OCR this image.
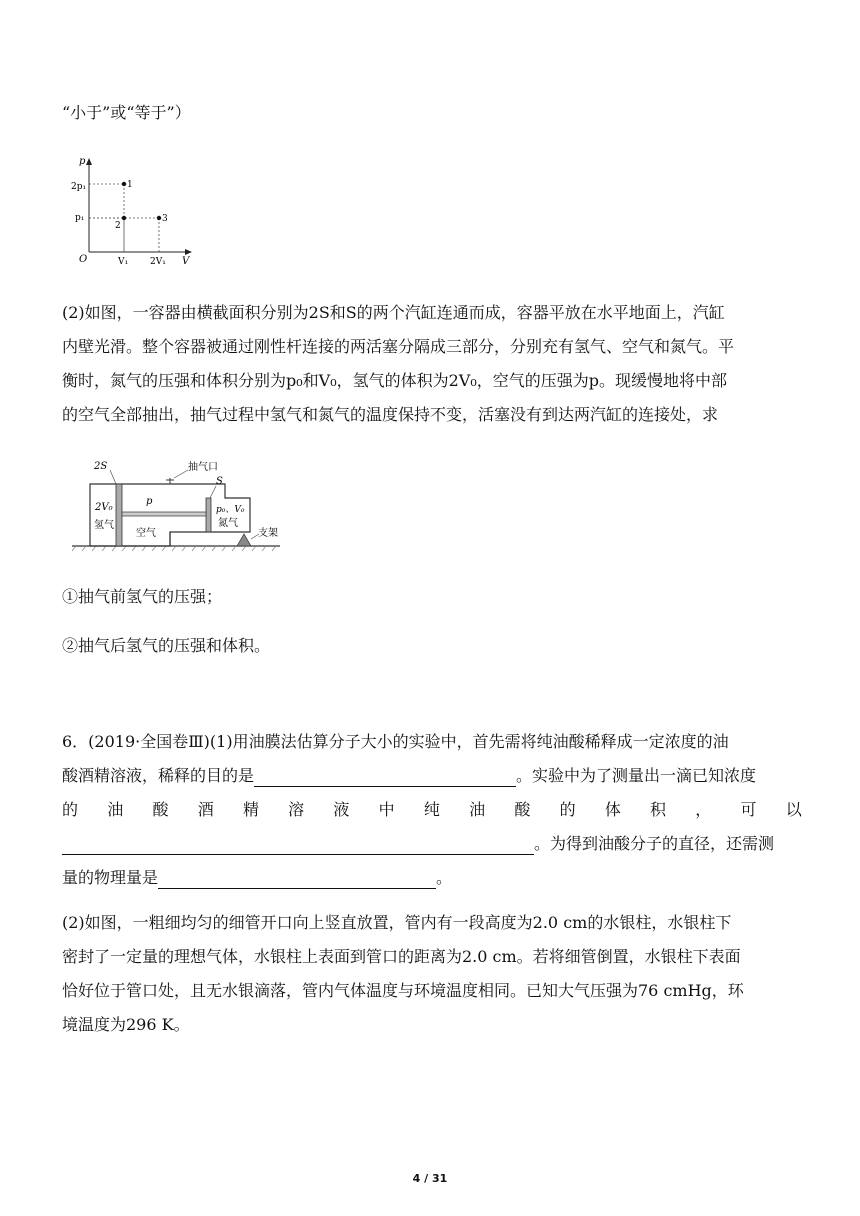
“小于”或“等于”）
1
2
3
p
V
O
2p₁
p₁
V₁ 2V₁
(2)如图，一容器由横截面积分别为2S和S的两个汽缸连通而成，容器平放在水平地面上，汽缸
内壁光滑。整个容器被通过刚性杆连接的两活塞分隔成三部分，分别充有氢气、空气和氮气。平
衡时，氮气的压强和体积分别为p₀和V₀，氢气的体积为2V₀，空气的压强为p。现缓慢地将中部
的空气全部抽出，抽气过程中氢气和氮气的温度保持不变，活塞没有到达两汽缸的连接处，求
2S	抽气口
S
2V₀
p
p₀、V₀
氢气
空气
氮气
支架
①抽气前氢气的压强；
②抽气后氢气的压强和体积。
6．(2019·全国卷Ⅲ)(1)用油膜法估算分子大小的实验中，首先需将纯油酸稀释成一定浓度的油
酸酒精溶液，稀释的目的是	。实验中为了测量出一滴已知浓度
的 油 酸 酒 精 溶 液 中 纯 油 酸 的 体 积 ， 可 以
。为得到油酸分子的直径，还需测
量的物理量是	。
(2)如图，一粗细均匀的细管开口向上竖直放置，管内有一段高度为2.0 cm的水银柱，水银柱下
密封了一定量的理想气体，水银柱上表面到管口的距离为2.0 cm。若将细管倒置，水银柱下表面
恰好位于管口处，且无水银滴落，管内气体温度与环境温度相同。已知大气压强为76 cmHg，环
境温度为296 K。
4 / 31
